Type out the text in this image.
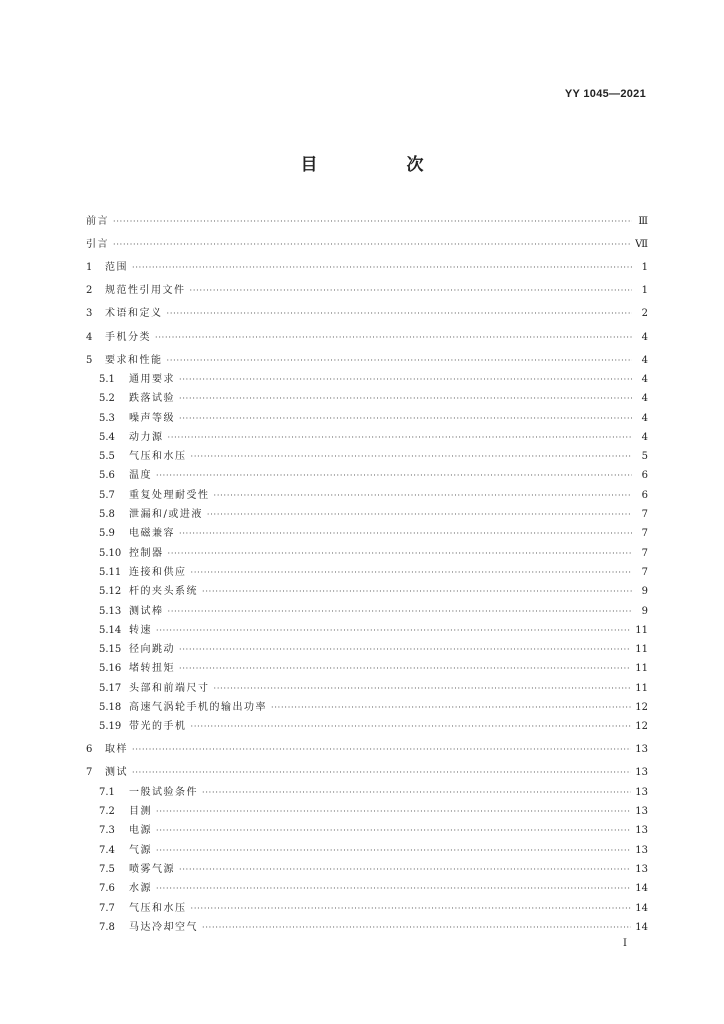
YY 1045—2021
目　次
前言 ·····	Ⅲ
引言 ·····	Ⅶ
1	范围 ·····	1
2	规范性引用文件 ·····	1
3	术语和定义 ·····	2
4	手机分类 ·····	4
5	要求和性能 ·····	4
5.1	通用要求 ·····	4
5.2	跌落试验 ·····	4
5.3	噪声等级 ·····	4
5.4	动力源 ·····	4
5.5	气压和水压 ·····	5
5.6	温度 ·····	6
5.7	重复处理耐受性 ·····	6
5.8	泄漏和/或进液 ·····	7
5.9	电磁兼容 ·····	7
5.10 控制器 ·····	7
5.11 连接和供应 ·····	7
5.12 杆的夹头系统 ·····	9
5.13 测试棒 ·····	9
5.14 转速 ·····	11
5.15 径向跳动 ·····	11
5.16 堵转扭矩 ·····	11
5.17 头部和前端尺寸 ·····	11
5.18 高速气涡轮手机的输出功率 ·····	12
5.19 带光的手机 ·····	12
6	取样 ·····	13
7	测试 ·····	13
7.1	一般试验条件 ·····	13
7.2	目测 ·····	13
7.3	电源 ·····	13
7.4	气源 ·····	13
7.5	喷雾气源 ·····	13
7.6	水源 ·····	14
7.7	气压和水压 ·····	14
7.8	马达冷却空气 ·····	14
I
